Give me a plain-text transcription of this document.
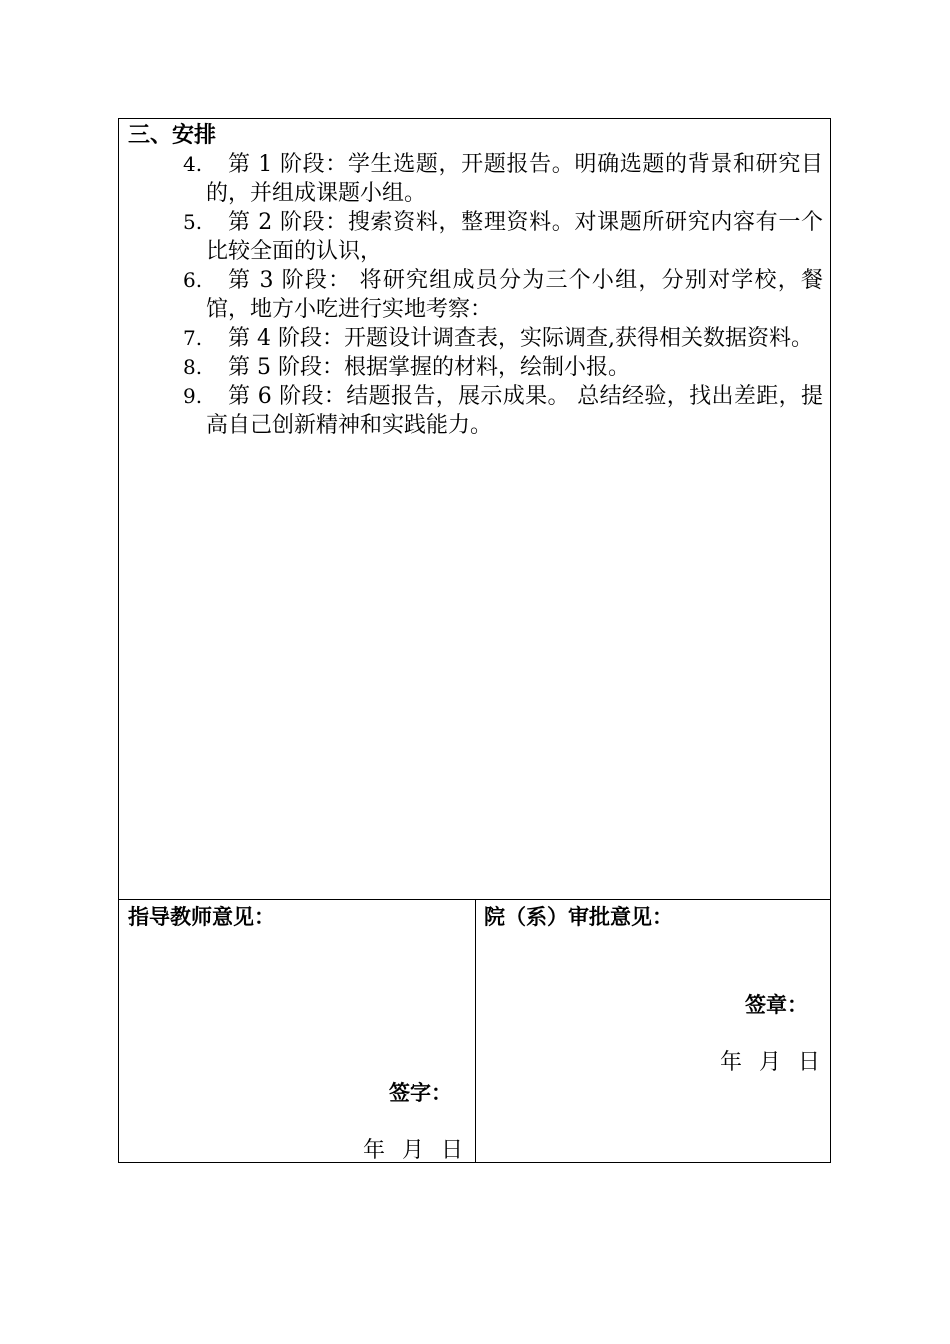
三、安排
4.	第 1 阶段：学生选题，开题报告。明确选题的背景和研究目的，并组成课题小组。
5.	第 2 阶段：搜索资料，整理资料。对课题所研究内容有一个比较全面的认识，
6.	第 3 阶段： 将研究组成员分为三个小组，分别对学校，餐馆，地方小吃进行实地考察：
7.	第 4 阶段：开题设计调查表，实际调查,获得相关数据资料。
8.	第 5 阶段：根据掌握的材料，绘制小报。
9.	第 6 阶段：结题报告，展示成果。 总结经验，找出差距，提高自己创新精神和实践能力。
指导教师意见：
签字：
年 月 日
院（系）审批意见：
签章：
年 月 日
